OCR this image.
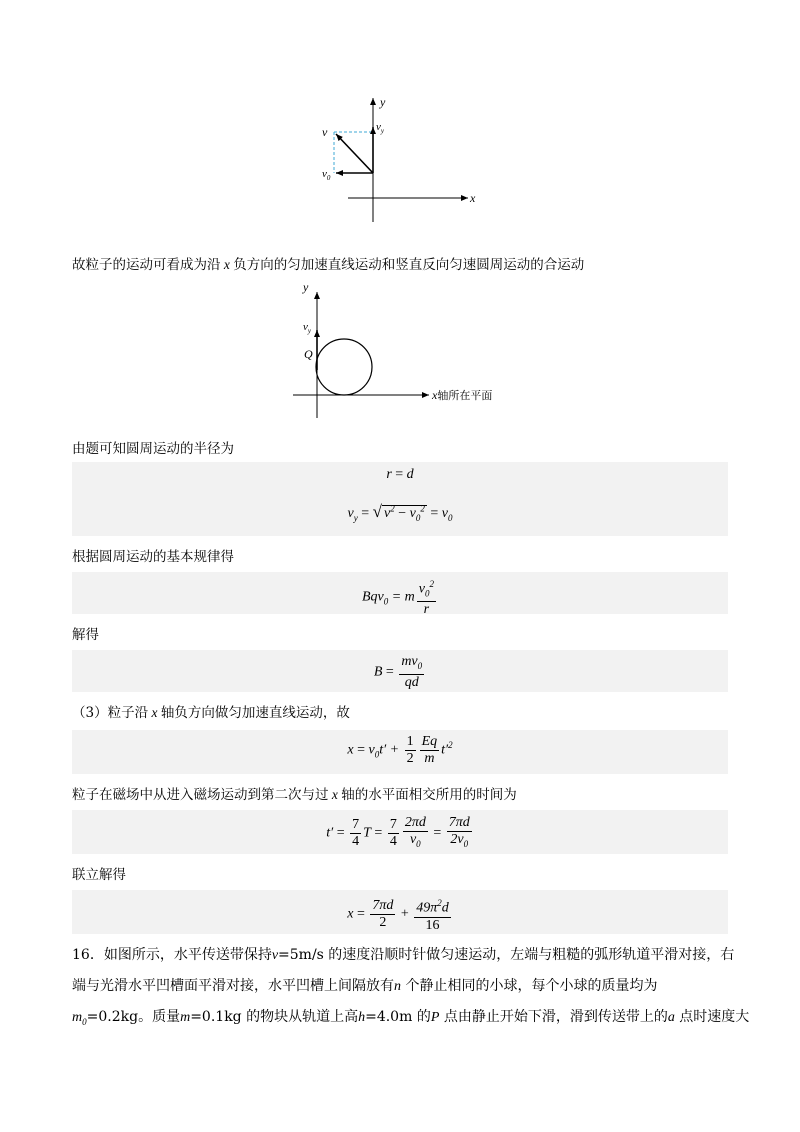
y
x
v	$v_y$
$v_0$
故粒子的运动可看成为沿 x 负方向的匀加速直线运动和竖直反向匀速圆周运动的合运动
y
$v_y$
Q
x轴所在平面
由题可知圆周运动的半径为
r = d
$v_y$ = √ $v^2 - v_0^2 = v_0$
根据圆周运动的基本规律得
Bqv$_0$ = m $\frac{v_0^2}{r}$
解得
$B = \frac{mv_0}{qd}$
（3）粒子沿 x 轴负方向做匀加速直线运动，故
$x = v_0t' + \frac{1}{2} \frac{Eq}{m} t'^2$
粒子在磁场中从进入磁场运动到第二次与过 x 轴的水平面相交所用的时间为
$t' = \frac{7}{4}$ $T = \frac{7}{4} \frac{2\pi d}{v_0} = \frac{7\pi d}{2v_0}$
联立解得
$x = \frac{7\pi d}{2} + \frac{49\pi^2d}{16}$
16．如图所示，水平传送带保持v=5m/s 的速度沿顺时针做匀速运动，左端与粗糙的弧形轨道平滑对接，右
端与光滑水平凹槽面平滑对接，水平凹槽上间隔放有n 个静止相同的小球，每个小球的质量均为
$m_0=0.2kg$。质量m=0.1kg 的物块从轨道上高h=4.0m 的P 点由静止开始下滑，滑到传送带上的a 点时速度大
